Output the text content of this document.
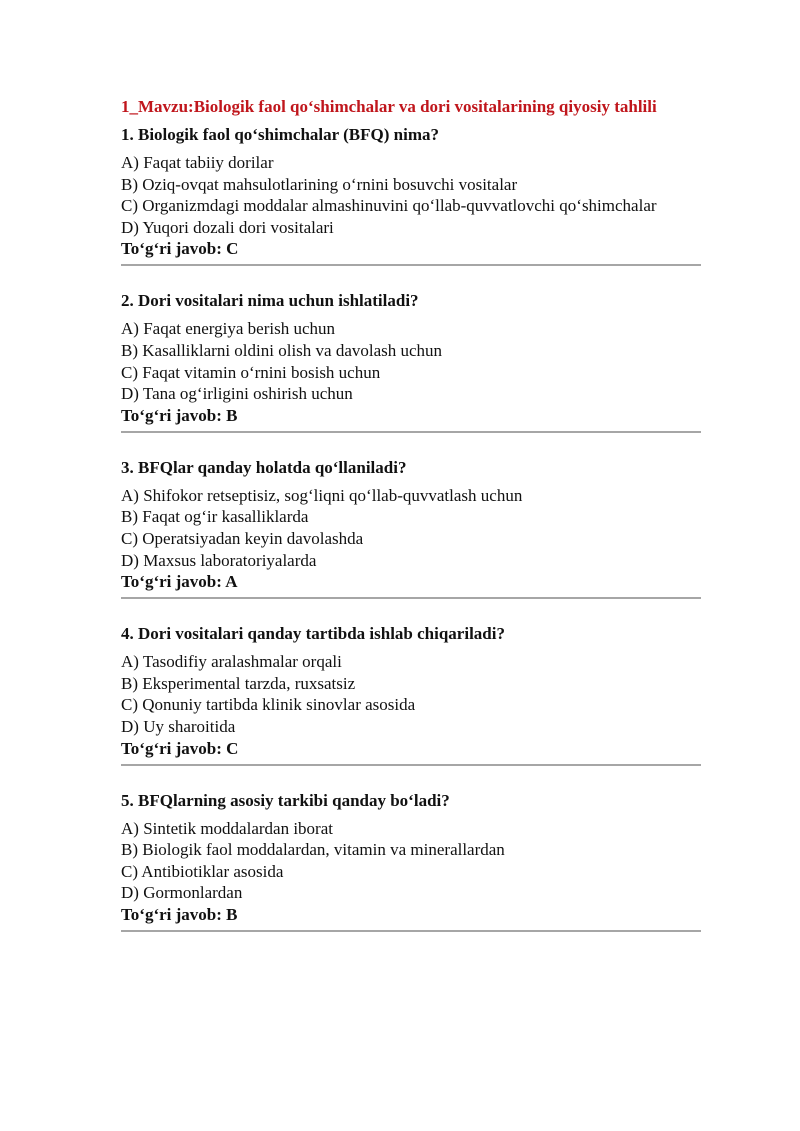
1_Mavzu:Biologik faol qo‘shimchalar va dori vositalarining qiyosiy tahlili
1. Biologik faol qo‘shimchalar (BFQ) nima?
A) Faqat tabiiy dorilar
B) Oziq-ovqat mahsulotlarining o‘rnini bosuvchi vositalar
C) Organizmdagi moddalar almashinuvini qo‘llab-quvvatlovchi qo‘shimchalar
D) Yuqori dozali dori vositalari
To‘g‘ri javob: C
2. Dori vositalari nima uchun ishlatiladi?
A) Faqat energiya berish uchun
B) Kasalliklarni oldini olish va davolash uchun
C) Faqat vitamin o‘rnini bosish uchun
D) Tana og‘irligini oshirish uchun
To‘g‘ri javob: B
3. BFQlar qanday holatda qo‘llaniladi?
A) Shifokor retseptisiz, sog‘liqni qo‘llab-quvvatlash uchun
B) Faqat og‘ir kasalliklarda
C) Operatsiyadan keyin davolashda
D) Maxsus laboratoriyalarda
To‘g‘ri javob: A
4. Dori vositalari qanday tartibda ishlab chiqariladi?
A) Tasodifiy aralashmalar orqali
B) Eksperimental tarzda, ruxsatsiz
C) Qonuniy tartibda klinik sinovlar asosida
D) Uy sharoitida
To‘g‘ri javob: C
5. BFQlarning asosiy tarkibi qanday bo‘ladi?
A) Sintetik moddalardan iborat
B) Biologik faol moddalardan, vitamin va minerallardan
C) Antibiotiklar asosida
D) Gormonlardan
To‘g‘ri javob: B
